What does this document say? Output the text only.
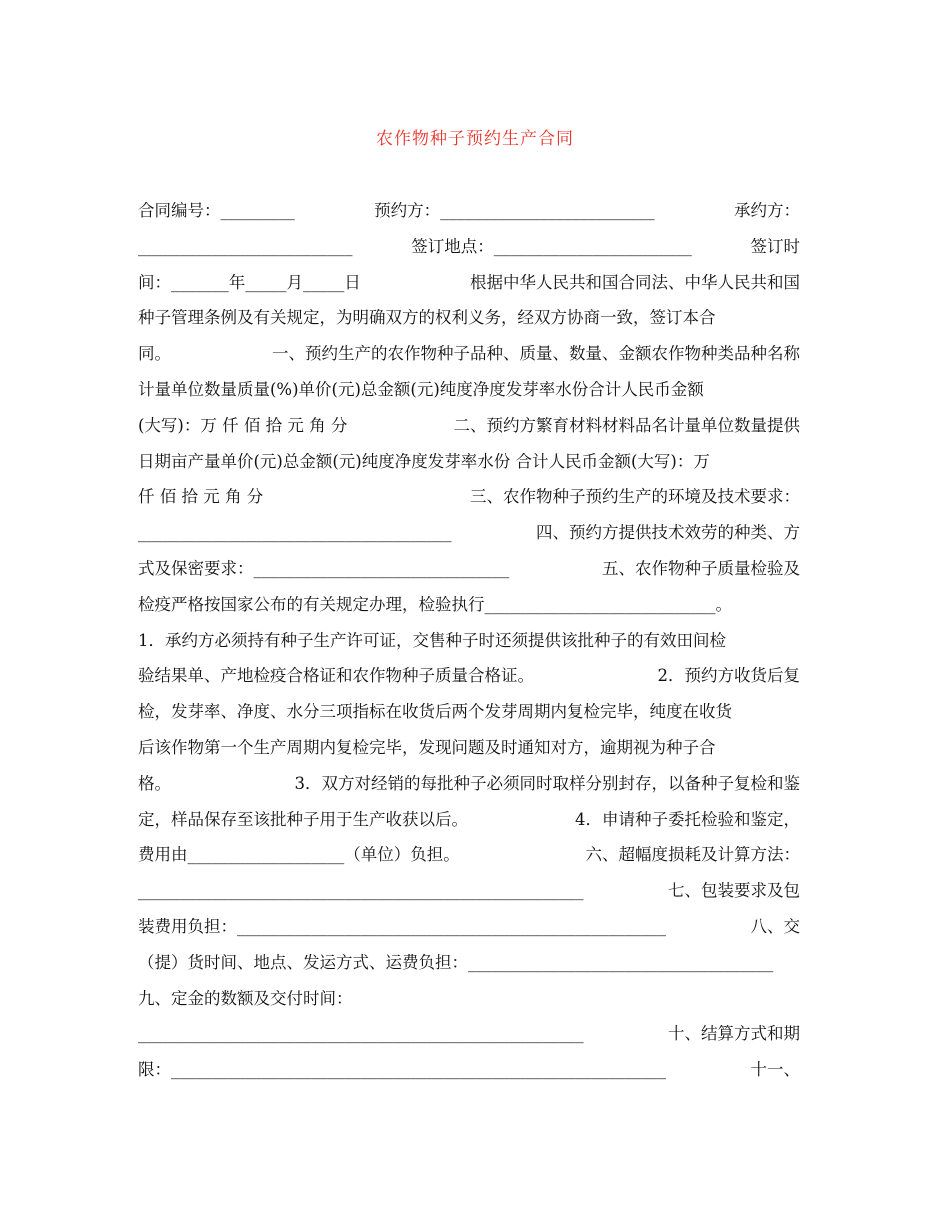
农作物种子预约生产合同
合同编号：_________	预约方：__________________________	承约方：
__________________________	签订地点：________________________	签订时
间：_______年_____月_____日	根据中华人民共和国合同法、中华人民共和国
种子管理条例及有关规定，为明确双方的权利义务，经双方协商一致，签订本合
同。	一、预约生产的农作物种子品种、质量、数量、金额农作物种类品种名称
计量单位数量质量(%)单价(元)总金额(元)纯度净度发芽率水份合计人民币金额
(大写)：万 仟 佰 拾 元 角 分	二、预约方繁育材料材料品名计量单位数量提供
日期亩产量单价(元)总金额(元)纯度净度发芽率水份 合计人民币金额(大写)：万
仟 佰 拾 元 角 分	三、农作物种子预约生产的环境及技术要求：
______________________________________	四、预约方提供技术效劳的种类、方
式及保密要求：_______________________________	五、农作物种子质量检验及
检疫严格按国家公布的有关规定办理，检验执行____________________________。
1．承约方必须持有种子生产许可证，交售种子时还须提供该批种子的有效田间检
验结果单、产地检疫合格证和农作物种子质量合格证。	2．预约方收货后复
检，发芽率、净度、水分三项指标在收货后两个发芽周期内复检完毕，纯度在收货
后该作物第一个生产周期内复检完毕，发现问题及时通知对方，逾期视为种子合
格。	3．双方对经销的每批种子必须同时取样分别封存，以备种子复检和鉴
定，样品保存至该批种子用于生产收获以后。	4．申请种子委托检验和鉴定，
费用由___________________（单位）负担。	六、超幅度损耗及计算方法：
______________________________________________________	七、包装要求及包
装费用负担：____________________________________________________	八、交
（提）货时间、地点、发运方式、运费负担：_____________________________________
九、定金的数额及交付时间：
______________________________________________________	十、结算方式和期
限：____________________________________________________________	十一、
